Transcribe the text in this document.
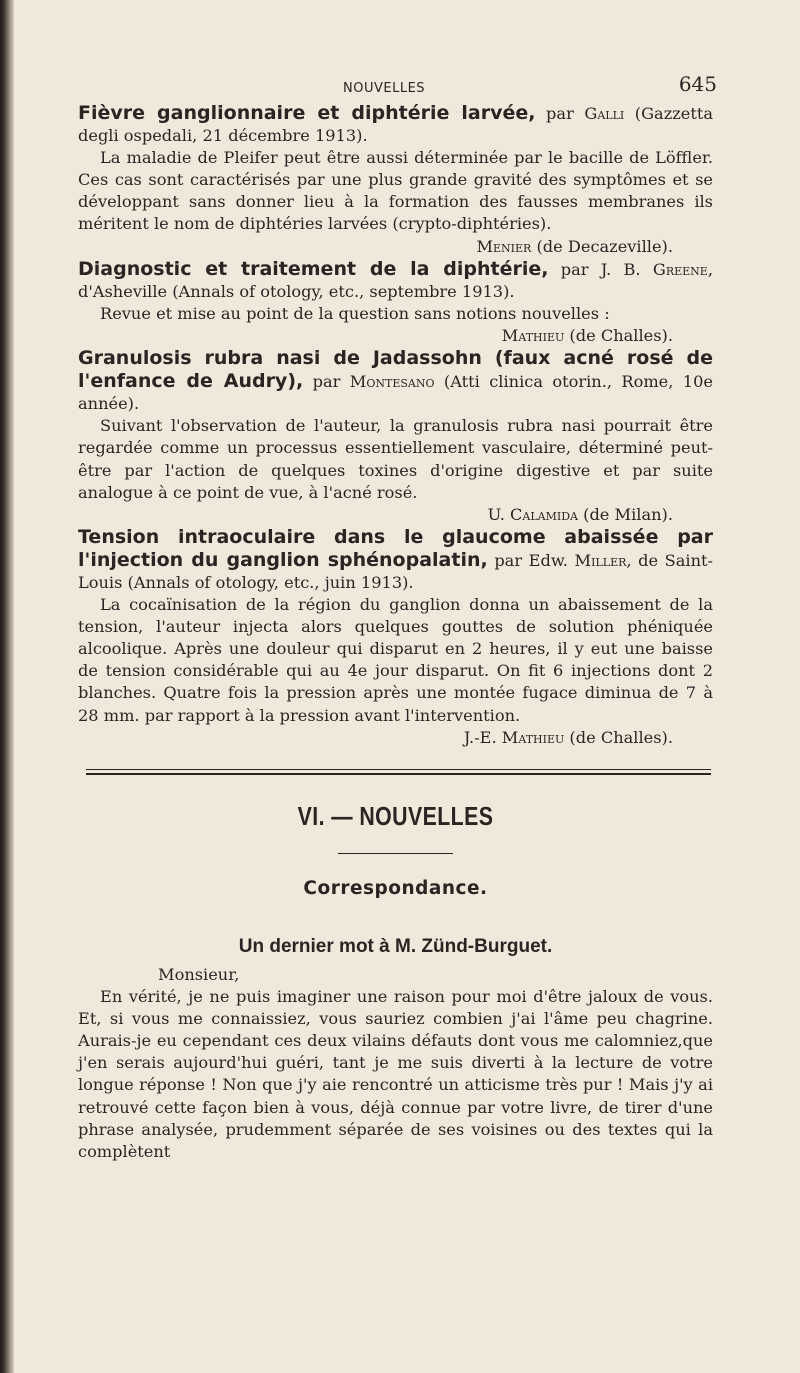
NOUVELLES	645

Fièvre ganglionnaire et diphtérie larvée, par Galli (Gazzetta degli ospedali, 21 décembre 1913).

La maladie de Pleifer peut être aussi déterminée par le bacille de Löffler. Ces cas sont caractérisés par une plus grande gravité des symptômes et se développant sans donner lieu à la formation des fausses membranes ils méritent le nom de diphtéries larvées (crypto-diphtéries).

Menier (de Decazeville).

Diagnostic et traitement de la diphtérie, par J. B. Greene, d'Asheville (Annals of otology, etc., septembre 1913).

Revue et mise au point de la question sans notions nouvelles :

Mathieu (de Challes).

Granulosis rubra nasi de Jadassohn (faux acné rosé de l'enfance de Audry), par Montesano (Atti clinica otorin., Rome, 10e année).

Suivant l'observation de l'auteur, la granulosis rubra nasi pourrait être regardée comme un processus essentiellement vasculaire, déterminé peut-être par l'action de quelques toxines d'origine digestive et par suite analogue à ce point de vue, à l'acné rosé.

U. Calamida (de Milan).

Tension intraoculaire dans le glaucome abaissée par l'injection du ganglion sphénopalatin, par Edw. Miller, de Saint-Louis (Annals of otology, etc., juin 1913).

La cocaïnisation de la région du ganglion donna un abaissement de la tension, l'auteur injecta alors quelques gouttes de solution phéniquée alcoolique. Après une douleur qui disparut en 2 heures, il y eut une baisse de tension considérable qui au 4e jour disparut. On fit 6 injections dont 2 blanches. Quatre fois la pression après une montée fugace diminua de 7 à 28 mm. par rapport à la pression avant l'intervention.

J.-E. Mathieu (de Challes).

VI. — NOUVELLES
Correspondance.
Un dernier mot à M. Zünd-Burguet.

Monsieur,

En vérité, je ne puis imaginer une raison pour moi d'être jaloux de vous. Et, si vous me connaissiez, vous sauriez combien j'ai l'âme peu chagrine. Aurais-je eu cependant ces deux vilains défauts dont vous me calomniez,que j'en serais aujourd'hui guéri, tant je me suis diverti à la lecture de votre longue réponse ! Non que j'y aie rencontré un atticisme très pur ! Mais j'y ai retrouvé cette façon bien à vous, déjà connue par votre livre, de tirer d'une phrase analysée, prudemment séparée de ses voisines ou des textes qui la complètent
